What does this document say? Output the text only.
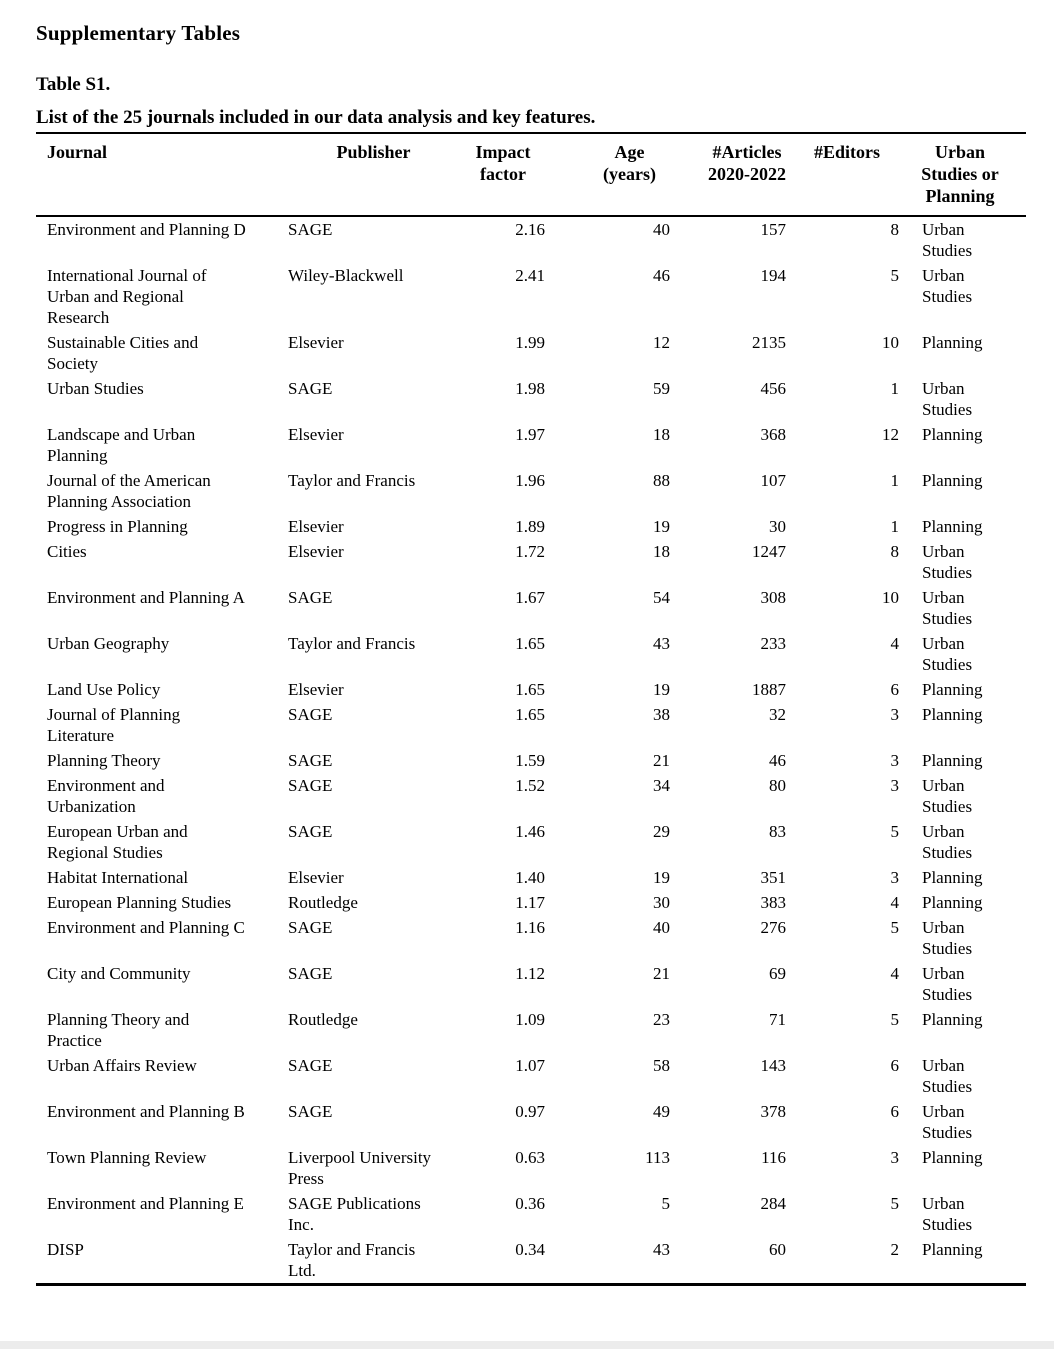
Supplementary Tables
Table S1.

List of the 25 journals included in our data analysis and key features.

Journal	Publisher	Impact factor	Age (years)	#Articles 2020-2022	#Editors	Urban Studies or Planning
Environment and Planning D	SAGE	2.16	40	157	8	Urban Studies
International Journal of Urban and Regional Research	Wiley-Blackwell	2.41	46	194	5	Urban Studies
Sustainable Cities and Society	Elsevier	1.99	12	2135	10	Planning
Urban Studies	SAGE	1.98	59	456	1	Urban Studies
Landscape and Urban Planning	Elsevier	1.97	18	368	12	Planning
Journal of the American Planning Association	Taylor and Francis	1.96	88	107	1	Planning
Progress in Planning	Elsevier	1.89	19	30	1	Planning
Cities	Elsevier	1.72	18	1247	8	Urban Studies
Environment and Planning A	SAGE	1.67	54	308	10	Urban Studies
Urban Geography	Taylor and Francis	1.65	43	233	4	Urban Studies
Land Use Policy	Elsevier	1.65	19	1887	6	Planning
Journal of Planning Literature	SAGE	1.65	38	32	3	Planning
Planning Theory	SAGE	1.59	21	46	3	Planning
Environment and Urbanization	SAGE	1.52	34	80	3	Urban Studies
European Urban and Regional Studies	SAGE	1.46	29	83	5	Urban Studies
Habitat International	Elsevier	1.40	19	351	3	Planning
European Planning Studies	Routledge	1.17	30	383	4	Planning
Environment and Planning C	SAGE	1.16	40	276	5	Urban Studies
City and Community	SAGE	1.12	21	69	4	Urban Studies
Planning Theory and Practice	Routledge	1.09	23	71	5	Planning
Urban Affairs Review	SAGE	1.07	58	143	6	Urban Studies
Environment and Planning B	SAGE	0.97	49	378	6	Urban Studies
Town Planning Review	Liverpool University Press	0.63	113	116	3	Planning
Environment and Planning E	SAGE Publications Inc.	0.36	5	284	5	Urban Studies
DISP	Taylor and Francis Ltd.	0.34	43	60	2	Planning
